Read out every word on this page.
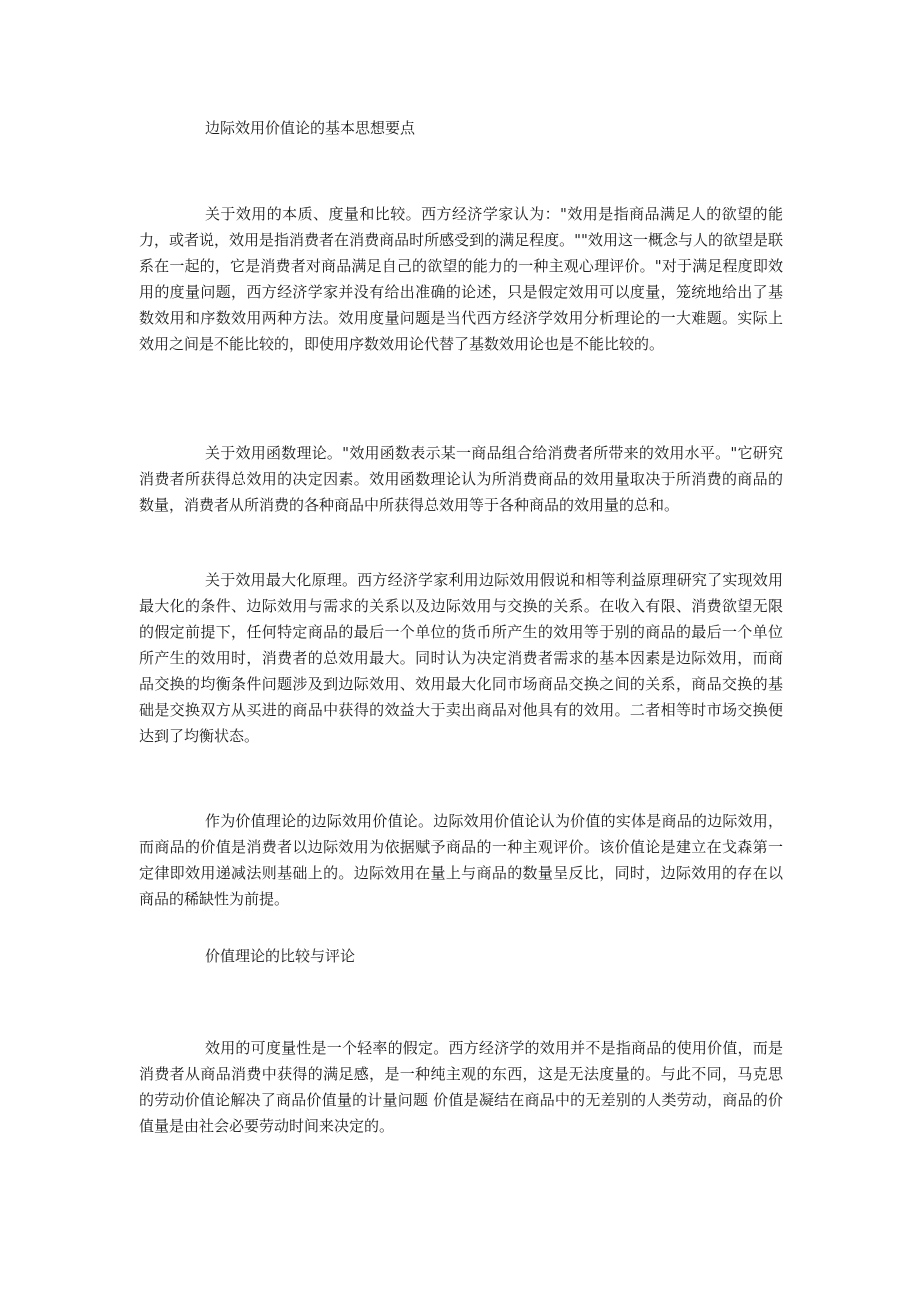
边际效用价值论的基本思想要点

关于效用的本质、度量和比较。西方经济学家认为："效用是指商品满足人的欲望的能力，或者说，效用是指消费者在消费商品时所感受到的满足程度。""效用这一概念与人的欲望是联系在一起的，它是消费者对商品满足自己的欲望的能力的一种主观心理评价。"对于满足程度即效用的度量问题，西方经济学家并没有给出准确的论述，只是假定效用可以度量，笼统地给出了基数效用和序数效用两种方法。效用度量问题是当代西方经济学效用分析理论的一大难题。实际上效用之间是不能比较的，即使用序数效用论代替了基数效用论也是不能比较的。

关于效用函数理论。"效用函数表示某一商品组合给消费者所带来的效用水平。"它研究消费者所获得总效用的决定因素。效用函数理论认为所消费商品的效用量取决于所消费的商品的数量，消费者从所消费的各种商品中所获得总效用等于各种商品的效用量的总和。

关于效用最大化原理。西方经济学家利用边际效用假说和相等利益原理研究了实现效用最大化的条件、边际效用与需求的关系以及边际效用与交换的关系。在收入有限、消费欲望无限的假定前提下，任何特定商品的最后一个单位的货币所产生的效用等于别的商品的最后一个单位所产生的效用时，消费者的总效用最大。同时认为决定消费者需求的基本因素是边际效用，而商品交换的均衡条件问题涉及到边际效用、效用最大化同市场商品交换之间的关系，商品交换的基础是交换双方从买进的商品中获得的效益大于卖出商品对他具有的效用。二者相等时市场交换便达到了均衡状态。

作为价值理论的边际效用价值论。边际效用价值论认为价值的实体是商品的边际效用，而商品的价值是消费者以边际效用为依据赋予商品的一种主观评价。该价值论是建立在戈森第一定律即效用递减法则基础上的。边际效用在量上与商品的数量呈反比，同时，边际效用的存在以商品的稀缺性为前提。

价值理论的比较与评论

效用的可度量性是一个轻率的假定。西方经济学的效用并不是指商品的使用价值，而是消费者从商品消费中获得的满足感，是一种纯主观的东西，这是无法度量的。与此不同，马克思的劳动价值论解决了商品价值量的计量问题 价值是凝结在商品中的无差别的人类劳动，商品的价值量是由社会必要劳动时间来决定的。
